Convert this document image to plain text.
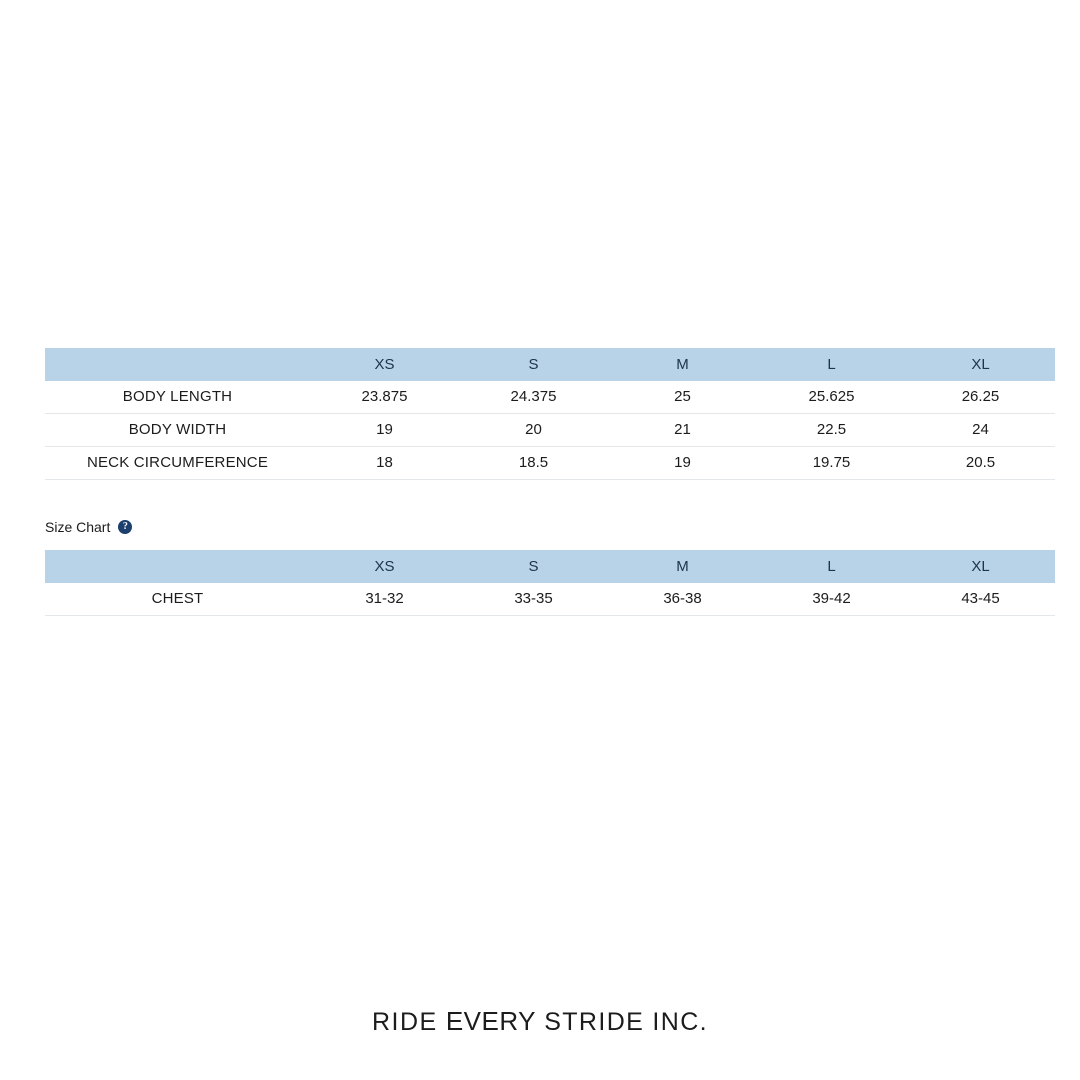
	XS	S	M	L	XL
BODY LENGTH	23.875	24.375	25	25.625	26.25
BODY WIDTH	19	20	21	22.5	24
NECK CIRCUMFERENCE	18	18.5	19	19.75	20.5
Size Chart	?
	XS	S	M	L	XL
CHEST	31-32	33-35	36-38	39-42	43-45
RIDE EVERY STRIDE INC.
